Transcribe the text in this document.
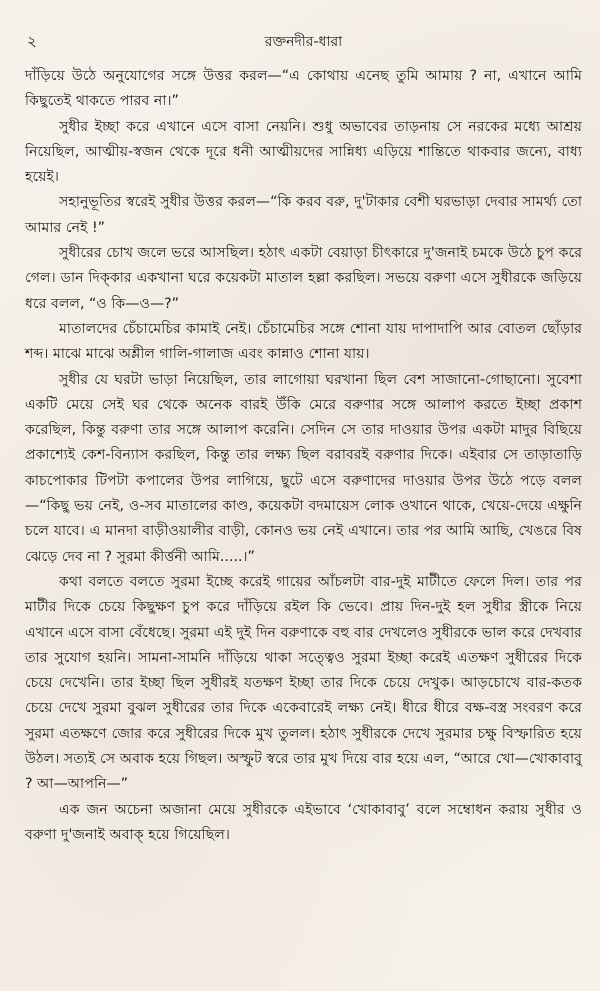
২	রক্তনদীর-ধারা

দাঁড়িয়ে উঠে অনুযোগের সঙ্গে উত্তর করল—“এ কোথায় এনেছ তুমি আমায় ? না, এখানে আমি কিছুতেই থাকতে পারব না।”

সুধীর ইচ্ছা করে এখানে এসে বাসা নেয়নি। শুধু অভাবের তাড়নায় সে নরকের মধ্যে আশ্রয় নিয়েছিল, আত্মীয়-স্বজন থেকে দূরে ধনী আত্মীয়দের সান্নিধ্য এড়িয়ে শান্তিতে থাকবার জন্যে, বাধ্য হয়েই।

সহানুভূতির স্বরেই সুধীর উত্তর করল—“কি করব বরু, দু'টাকার বেশী ঘরভাড়া দেবার সামর্থ্য তো আমার নেই !”

সুধীরের চোখ জলে ভরে আসছিল। হঠাৎ একটা বেয়াড়া চীৎকারে দু'জনাই চমকে উঠে চুপ করে গেল। ডান দিক্‌কার একখানা ঘরে কয়েকটা মাতাল হল্লা করছিল। সভয়ে বরুণা এসে সুধীরকে জড়িয়ে ধরে বলল, “ও কি—ও—?”

মাতালদের চেঁচামেচির কামাই নেই। চেঁচামেচির সঙ্গে শোনা যায় দাপাদাপি আর বোতল ছোঁড়ার শব্দ। মাঝে মাঝে অশ্লীল গালি-গালাজ এবং কান্নাও শোনা যায়।

সুধীর যে ঘরটা ভাড়া নিয়েছিল, তার লাগোয়া ঘরখানা ছিল বেশ সাজানো-গোছানো। সুবেশা একটি মেয়ে সেই ঘর থেকে অনেক বারই উঁকি মেরে বরুণার সঙ্গে আলাপ করতে ইচ্ছা প্রকাশ করেছিল, কিন্তু বরুণা তার সঙ্গে আলাপ করেনি। সেদিন সে তার দাওয়ার উপর একটা মাদুর বিছিয়ে প্রকাশ্যেই কেশ-বিন্যাস করছিল, কিন্তু তার লক্ষ্য ছিল বরাবরই বরুণার দিকে। এইবার সে তাড়াতাড়ি কাচপোকার টিপটা কপালের উপর লাগিয়ে, ছুটে এসে বরুণাদের দাওয়ার উপর উঠে পড়ে বলল—“কিছু ভয় নেই, ও-সব মাতালের কাণ্ড, কয়েকটা বদমায়েস লোক ওখানে থাকে, খেয়ে-দেয়ে এক্ষুনি চলে যাবে। এ মানদা বাড়ীওয়ালীর বাড়ী, কোনও ভয় নেই এখানে। তার পর আমি আছি, খেঙরে বিষ ঝেড়ে দেব না ? সুরমা কীর্ত্তনী আমি.....।”

কথা বলতে বলতে সুরমা ইচ্ছে করেই গায়ের আঁচলটা বার-দুই মাটীতে ফেলে দিল। তার পর মাটীর দিকে চেয়ে কিছুক্ষণ চুপ করে দাঁড়িয়ে রইল কি ভেবে। প্রায় দিন-দুই হল সুধীর স্ত্রীকে নিয়ে এখানে এসে বাসা বেঁধেছে। সুরমা এই দুই দিন বরুণাকে বহু বার দেখলেও সুধীরকে ভাল করে দেখবার তার সুযোগ হয়নি। সামনা-সামনি দাঁড়িয়ে থাকা সত্ত্বেও সুরমা ইচ্ছা করেই এতক্ষণ সুধীরের দিকে চেয়ে দেখেনি। তার ইচ্ছা ছিল সুধীরই যতক্ষণ ইচ্ছা তার দিকে চেয়ে দেখুক। আড়চোখে বার-কতক চেয়ে দেখে সুরমা বুঝল সুধীরের তার দিকে একেবারেই লক্ষ্য নেই। ধীরে ধীরে বক্ষ-বস্ত্র সংবরণ করে সুরমা এতক্ষণে জোর করে সুধীরের দিকে মুখ তুলল। হঠাৎ সুধীরকে দেখে সুরমার চক্ষু বিস্ফারিত হয়ে উঠল। সত্যই সে অবাক হয়ে গিছল। অস্ফুট স্বরে তার মুখ দিয়ে বার হয়ে এল, “আরে খো—খোকাবাবু ? আ—আপনি—”

এক জন অচেনা অজানা মেয়ে সুধীরকে এইভাবে ‘খোকাবাবু’ বলে সম্বোধন করায় সুধীর ও বরুণা দু'জনাই অবাক্ হয়ে গিয়েছিল।
